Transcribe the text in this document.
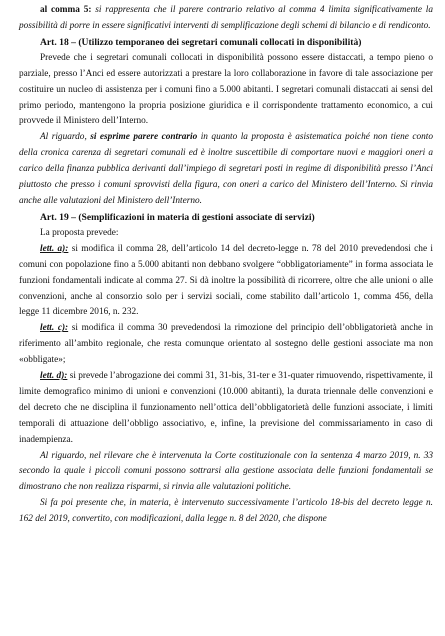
al comma 5: si rappresenta che il parere contrario relativo al comma 4 limita significativamente la possibilità di porre in essere significativi interventi di semplificazione degli schemi di bilancio e di rendiconto.

Art. 18 – (Utilizzo temporaneo dei segretari comunali collocati in disponibilità)

Prevede che i segretari comunali collocati in disponibilità possono essere distaccati, a tempo pieno o parziale, presso l’Anci ed essere autorizzati a prestare la loro collaborazione in favore di tale associazione per costituire un nucleo di assistenza per i comuni fino a 5.000 abitanti. I segretari comunali distaccati ai sensi del primo periodo, mantengono la propria posizione giuridica e il corrispondente trattamento economico, a cui provvede il Ministero dell’Interno.

Al riguardo, si esprime parere contrario in quanto la proposta è asistematica poiché non tiene conto della cronica carenza di segretari comunali ed è inoltre suscettibile di comportare nuovi e maggiori oneri a carico della finanza pubblica derivanti dall’impiego di segretari posti in regime di disponibilità presso l’Anci piuttosto che presso i comuni sprovvisti della figura, con oneri a carico del Ministero dell’Interno. Si rinvia anche alle valutazioni del Ministero dell’Interno.

Art. 19 – (Semplificazioni in materia di gestioni associate di servizi)

La proposta prevede:

lett. a): si modifica il comma 28, dell’articolo 14 del decreto-legge n. 78 del 2010 prevedendosi che i comuni con popolazione fino a 5.000 abitanti non debbano svolgere “obbligatoriamente” in forma associata le funzioni fondamentali indicate al comma 27. Si dà inoltre la possibilità di ricorrere, oltre che alle unioni o alle convenzioni, anche al consorzio solo per i servizi sociali, come stabilito dall’articolo 1, comma 456, della legge 11 dicembre 2016, n. 232.

lett. c): si modifica il comma 30 prevedendosi la rimozione del principio dell’obbligatorietà anche in riferimento all’ambito regionale, che resta comunque orientato al sostegno delle gestioni associate ma non «obbligate»;

lett. d): si prevede l’abrogazione dei commi 31, 31-bis, 31-ter e 31-quater rimuovendo, rispettivamente, il limite demografico minimo di unioni e convenzioni (10.000 abitanti), la durata triennale delle convenzioni e del decreto che ne disciplina il funzionamento nell’ottica dell’obbligatorietà delle funzioni associate, i limiti temporali di attuazione dell’obbligo associativo, e, infine, la previsione del commissariamento in caso di inadempienza.

Al riguardo, nel rilevare che è intervenuta la Corte costituzionale con la sentenza 4 marzo 2019, n. 33 secondo la quale i piccoli comuni possono sottrarsi alla gestione associata delle funzioni fondamentali se dimostrano che non realizza risparmi, si rinvia alle valutazioni politiche.

Si fa poi presente che, in materia, è intervenuto successivamente l’articolo 18-bis del decreto legge n. 162 del 2019, convertito, con modificazioni, dalla legge n. 8 del 2020, che dispone
